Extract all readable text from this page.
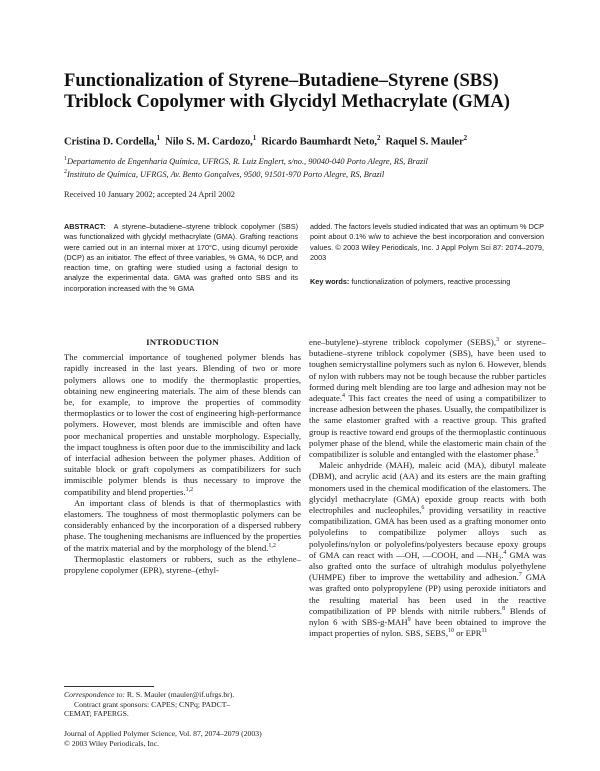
Functionalization of Styrene–Butadiene–Styrene (SBS)
Triblock Copolymer with Glycidyl Methacrylate (GMA)
Cristina D. Cordella,$^1$ Nilo S. M. Cardozo,$^1$ Ricardo Baumhardt Neto,$^2$ Raquel S. Mauler$^2$
$^1$Departamento de Engenharia Química, UFRGS, R. Luiz Englert, s/no., 90040-040 Porto Alegre, RS, Brazil
$^2$Instituto de Química, UFRGS, Av. Bento Gonçalves, 9500, 91501-970 Porto Alegre, RS, Brazil
Received 10 January 2002; accepted 24 April 2002
ABSTRACT: A styrene–butadiene–styrene triblock copolymer (SBS) was functionalized with glycidyl methacrylate (GMA). Grafting reactions were carried out in an internal mixer at 170°C, using dicumyl peroxide (DCP) as an initiator. The effect of three variables, % GMA, % DCP, and reaction time, on grafting were studied using a factorial design to analyze the experimental data. GMA was grafted onto SBS and its incorporation increased with the % GMA
added. The factors levels studied indicated that was an optimum % DCP point about 0.1% w/w to achieve the best incorporation and conversion values. © 2003 Wiley Periodicals, Inc. J Appl Polym Sci 87: 2074–2079, 2003
Key words: functionalization of polymers, reactive processing
INTRODUCTION

The commercial importance of toughened polymer blends has rapidly increased in the last years. Blending of two or more polymers allows one to modify the thermoplastic properties, obtaining new engineering materials. The aim of these blends can be, for example, to improve the properties of commodity thermoplastics or to lower the cost of engineering high-performance polymers. However, most blends are immiscible and often have poor mechanical properties and unstable morphology. Especially, the impact toughness is often poor due to the immiscibility and lack of interfacial adhesion between the polymer phases. Addition of suitable block or graft copolymers as compatibilizers for such immiscible polymer blends is thus necessary to improve the compatibility and blend properties.$^{1,2}$

An important class of blends is that of thermoplastics with elastomers. The toughness of most thermoplastic polymers can be considerably enhanced by the incorporation of a dispersed rubbery phase. The toughening mechanisms are influenced by the properties of the matrix material and by the morphology of the blend.$^{1,2}$

Thermoplastic elastomers or rubbers, such as the ethylene–propylene copolymer (EPR), styrene–(ethyl-

ene–butylene)–styrene triblock copolymer (SEBS),$^3$ or styrene–butadiene–styrene triblock copolymer (SBS), have been used to toughen semicrystalline polymers such as nylon 6. However, blends of nylon with rubbers may not be tough because the rubber particles formed during melt blending are too large and adhesion may not be adequate.$^4$ This fact creates the need of using a compatibilizer to increase adhesion between the phases. Usually, the compatibilizer is the same elastomer grafted with a reactive group. This grafted group is reactive toward end groups of the thermoplastic continuous polymer phase of the blend, while the elastomeric main chain of the compatibilizer is soluble and entangled with the elastomer phase.$^5$

Maleic anhydride (MAH), maleic acid (MA), dibutyl maleate (DBM), and acrylic acid (AA) and its esters are the main grafting monomers used in the chemical modification of the elastomers. The glycidyl methacrylate (GMA) epoxide group reacts with both electrophiles and nucleophiles,$^6$ providing versatility in reactive compatibilization. GMA has been used as a grafting monomer onto polyolefins to compatibilize polymer alloys such as polyolefins/nylon or polyolefins/polyesters because epoxy groups of GMA can react with —OH, —COOH, and $—NH_2.^4$ GMA was also grafted onto the surface of ultrahigh modulus polyethylene (UHMPE) fiber to improve the wettability and adhesion.$^7$ GMA was grafted onto polypropylene (PP) using peroxide initiators and the resulting material has been used in the reactive compatibilization of PP blends with nitrile rubbers.$^8$ Blends of nylon 6 with SBS-g-MAH$^9$ have been obtained to improve the impact properties of nylon. SBS, SEBS,$^{10}$ or EPR$^{11}$

Correspondence to: R. S. Mauler (mauler@if.ufrgs.br).
Contract grant sponsors: CAPES; CNPq; PADCT–
CEMAT; FAPERGS.
Journal of Applied Polymer Science, Vol. 87, 2074–2079 (2003)
© 2003 Wiley Periodicals, Inc.
